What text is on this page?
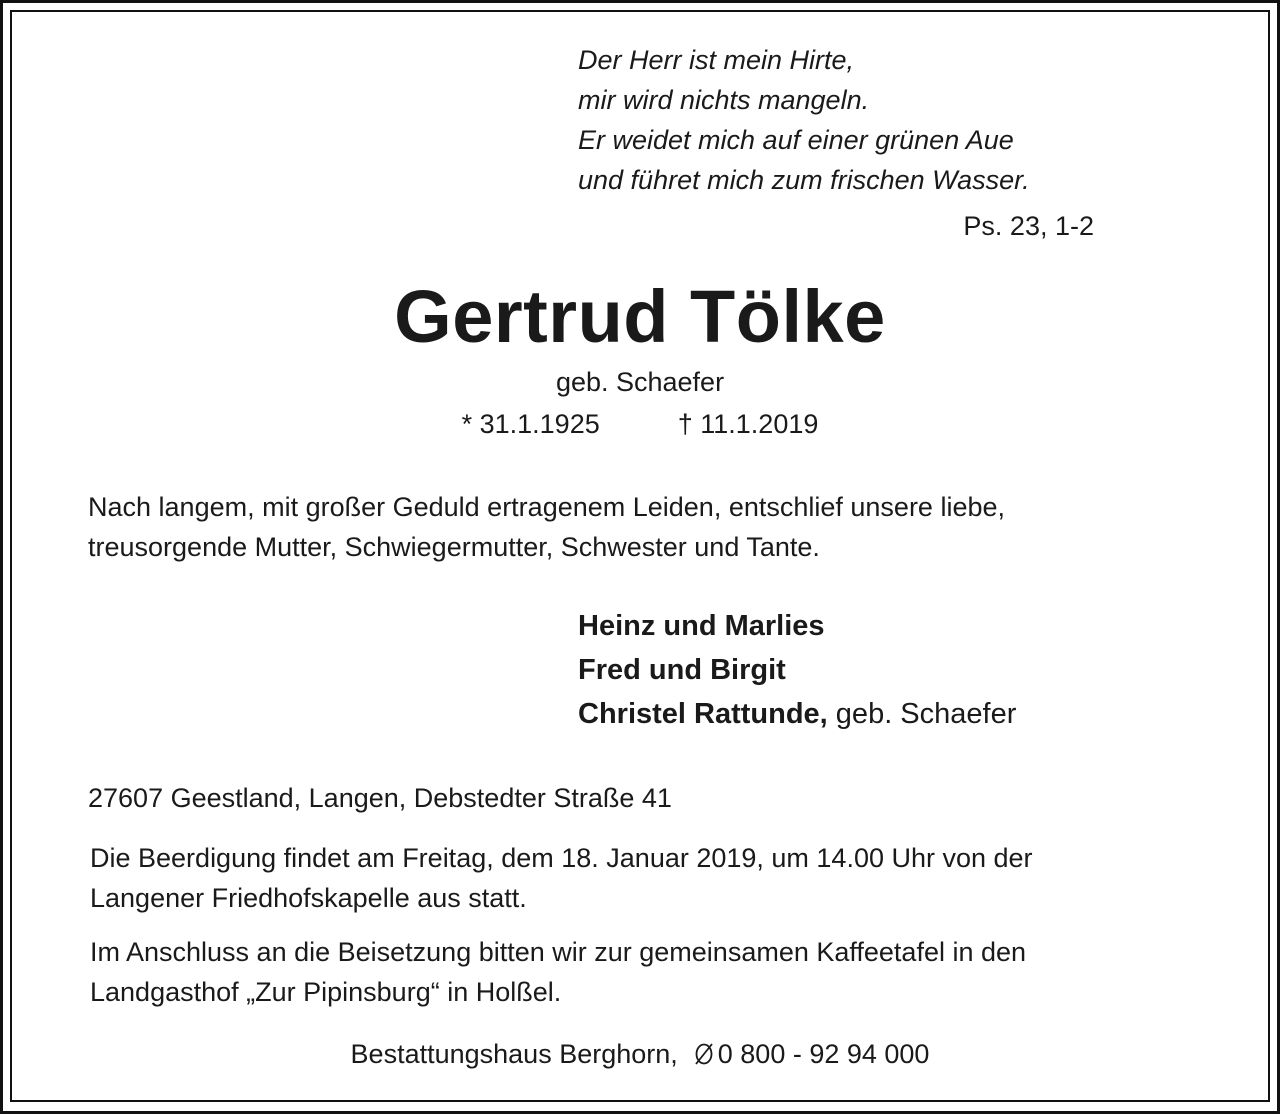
Der Herr ist mein Hirte,
mir wird nichts mangeln.
Er weidet mich auf einer grünen Aue
und führet mich zum frischen Wasser.
Ps. 23, 1-2
Gertrud Tölke
geb. Schaefer
* 31.1.1925	† 11.1.2019
Nach langem, mit großer Geduld ertragenem Leiden, entschlief unsere liebe,
treusorgende Mutter, Schwiegermutter, Schwester und Tante.
Heinz und Marlies
Fred und Birgit
Christel Rattunde, geb. Schaefer
27607 Geestland, Langen, Debstedter Straße 41
Die Beerdigung findet am Freitag, dem 18. Januar 2019, um 14.00 Uhr von der
Langener Friedhofskapelle aus statt.
Im Anschluss an die Beisetzung bitten wir zur gemeinsamen Kaffeetafel in den
Landgasthof „Zur Pipinsburg“ in Holßel.
Bestattungshaus Berghorn, 0 800 - 92 94 000
